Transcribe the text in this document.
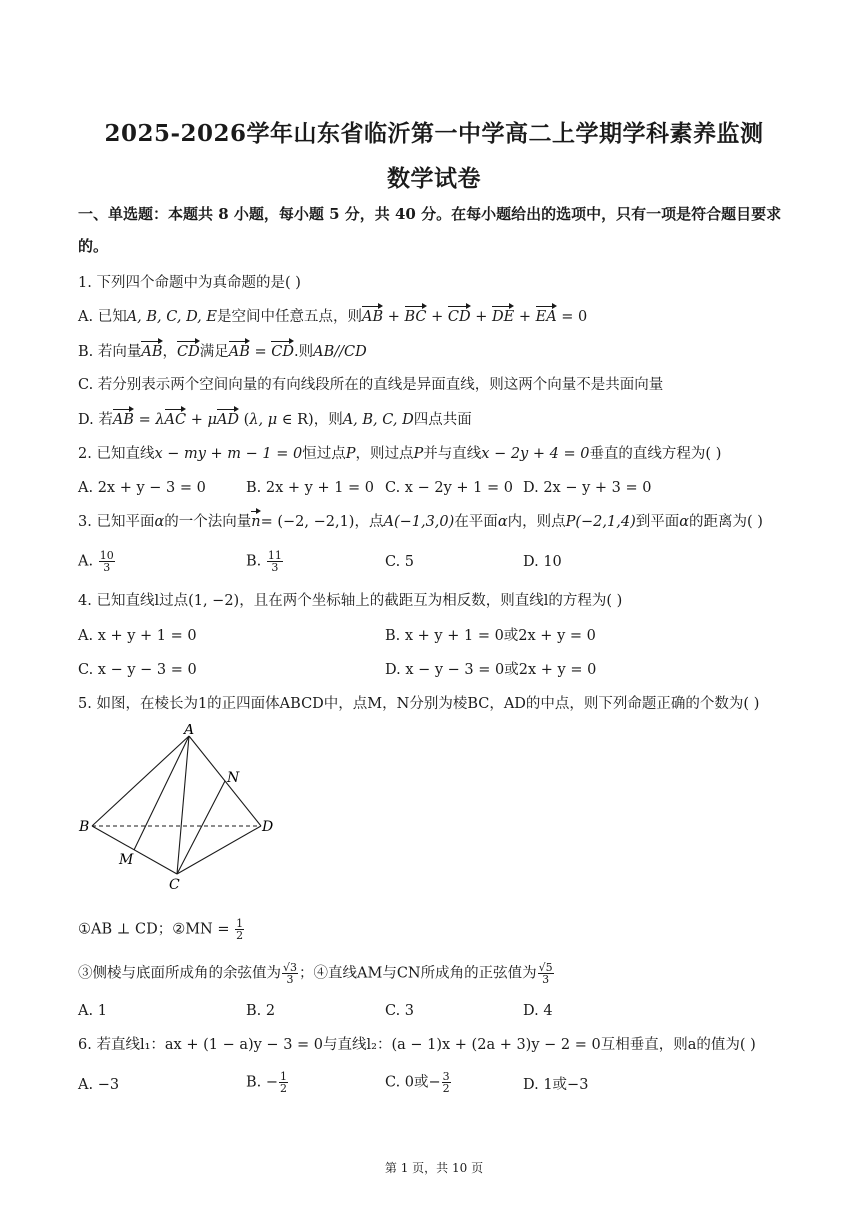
2025-2026学年山东省临沂第一中学高二上学期学科素养监测
数学试卷
一、单选题：本题共 8 小题，每小题 5 分，共 40 分。在每小题给出的选项中，只有一项是符合题目要求
的。
1. 下列四个命题中为真命题的是( )
A. 已知A, B, C, D, E是空间中任意五点，则AB + BC + CD + DE + EA = 0
B. 若向量AB，CD满足AB = CD.则AB//CD
C. 若分别表示两个空间向量的有向线段所在的直线是异面直线，则这两个向量不是共面向量
D. 若AB = λAC + μAD (λ, μ ∈ R)，则A, B, C, D四点共面
2. 已知直线x − my + m − 1 = 0恒过点P，则过点P并与直线x − 2y + 4 = 0垂直的直线方程为( )
A. 2x + y − 3 = 0	B. 2x + y + 1 = 0 C. x − 2y + 1 = 0 D. 2x − y + 3 = 0
3. 已知平面α的一个法向量n= (−2, −2,1)，点A(−1,3,0)在平面α内，则点P(−2,1,4)到平面α的距离为( )
A. $\frac{10}{3}$	B. $\frac{11}{3}$	C. 5	D. 10
4. 已知直线l过点(1, −2)，且在两个坐标轴上的截距互为相反数，则直线l的方程为( )
A. x + y + 1 = 0	B. x + y + 1 = 0或2x + y = 0
C. x − y − 3 = 0	D. x − y − 3 = 0或2x + y = 0
5. 如图，在棱长为1的正四面体ABCD中，点M，N分别为棱BC，AD的中点，则下列命题正确的个数为( )
A
B
C
D
M
N
①AB ⊥ CD；②MN = $\frac{1}{2}$
③侧棱与底面所成角的余弦值为 $\frac{√3}{3}$ ；④直线AM与CN所成角的正弦值为 $\frac{√5}{3}$
A. 1	B. 2	C. 3	D. 4
6. 若直线l₁：ax + (1 − a)y − 3 = 0与直线l₂：(a − 1)x + (2a + 3)y − 2 = 0互相垂直，则a的值为( )
A. −3	B. − $\frac{1}{2}$	C. 0或− $\frac{3}{2}$	D. 1或−3
第 1 页，共 10 页
